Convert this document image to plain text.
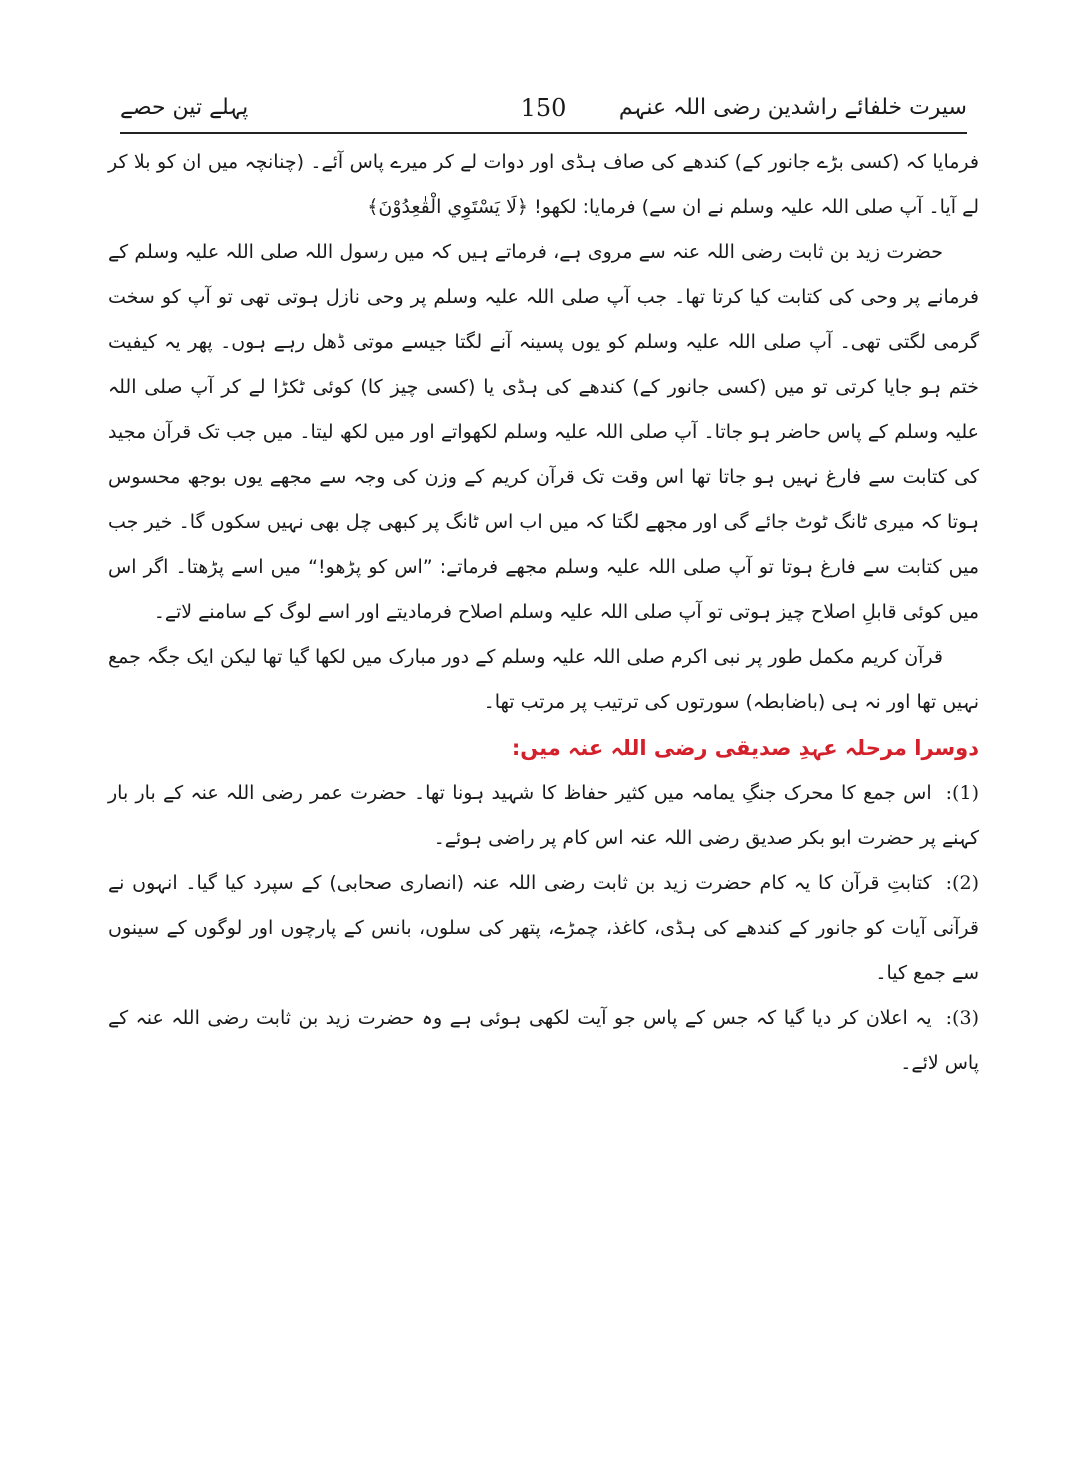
سیرت خلفائے راشدین رضی اللہ عنہم
150
پہلے تین حصے

فرمایا کہ (کسی بڑے جانور کے) کندھے کی صاف ہڈی اور دوات لے کر میرے پاس آئے۔ (چنانچہ میں ان کو بلا کر لے آیا۔ آپ صلی اللہ علیہ وسلم نے ان سے) فرمایا: لکھو! ﴿لَا يَسْتَوِي الْقٰعِدُوْنَ﴾

حضرت زید بن ثابت رضی اللہ عنہ سے مروی ہے، فرماتے ہیں کہ میں رسول اللہ صلی اللہ علیہ وسلم کے فرمانے پر وحی کی کتابت کیا کرتا تھا۔ جب آپ صلی اللہ علیہ وسلم پر وحی نازل ہوتی تھی تو آپ کو سخت گرمی لگتی تھی۔ آپ صلی اللہ علیہ وسلم کو یوں پسینہ آنے لگتا جیسے موتی ڈھل رہے ہوں۔ پھر یہ کیفیت ختم ہو جایا کرتی تو میں (کسی جانور کے) کندھے کی ہڈی یا (کسی چیز کا) کوئی ٹکڑا لے کر آپ صلی اللہ علیہ وسلم کے پاس حاضر ہو جاتا۔ آپ صلی اللہ علیہ وسلم لکھواتے اور میں لکھ لیتا۔ میں جب تک قرآن مجید کی کتابت سے فارغ نہیں ہو جاتا تھا اس وقت تک قرآن کریم کے وزن کی وجہ سے مجھے یوں بوجھ محسوس ہوتا کہ میری ٹانگ ٹوٹ جائے گی اور مجھے لگتا کہ میں اب اس ٹانگ پر کبھی چل بھی نہیں سکوں گا۔ خیر جب میں کتابت سے فارغ ہوتا تو آپ صلی اللہ علیہ وسلم مجھے فرماتے: ”اس کو پڑھو!“ میں اسے پڑھتا۔ اگر اس میں کوئی قابلِ اصلاح چیز ہوتی تو آپ صلی اللہ علیہ وسلم اصلاح فرمادیتے اور اسے لوگ کے سامنے لاتے۔

قرآن کریم مکمل طور پر نبی اکرم صلی اللہ علیہ وسلم کے دور مبارک میں لکھا گیا تھا لیکن ایک جگہ جمع نہیں تھا اور نہ ہی (باضابطہ) سورتوں کی ترتیب پر مرتب تھا۔

دوسرا مرحلہ عہدِ صدیقی رضی اللہ عنہ میں:

(1):اس جمع کا محرک جنگِ یمامہ میں کثیر حفاظ کا شہید ہونا تھا۔ حضرت عمر رضی اللہ عنہ کے بار بار کہنے پر حضرت ابو بکر صدیق رضی اللہ عنہ اس کام پر راضی ہوئے۔

(2):کتابتِ قرآن کا یہ کام حضرت زید بن ثابت رضی اللہ عنہ (انصاری صحابی) کے سپرد کیا گیا۔ انہوں نے قرآنی آیات کو جانور کے کندھے کی ہڈی، کاغذ، چمڑے، پتھر کی سلوں، بانس کے پارچوں اور لوگوں کے سینوں سے جمع کیا۔

(3):یہ اعلان کر دیا گیا کہ جس کے پاس جو آیت لکھی ہوئی ہے وہ حضرت زید بن ثابت رضی اللہ عنہ کے پاس لائے۔
